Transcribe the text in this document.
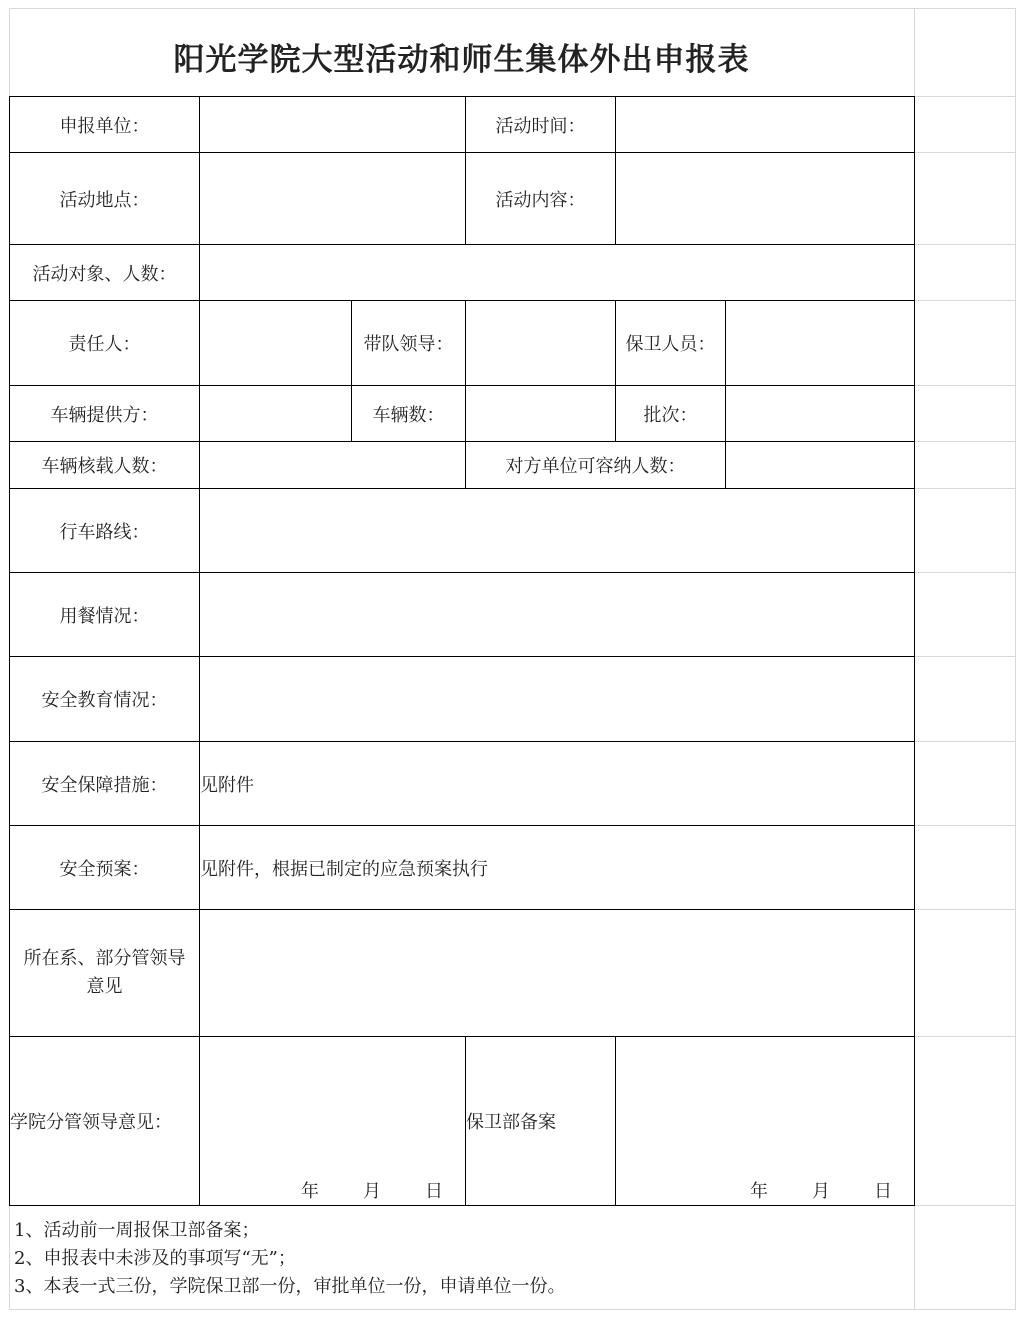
阳光学院大型活动和师生集体外出申报表
申报单位：			活动时间：		
活动地点：			活动内容：		
活动对象、人数：					
责任人：		带队领导：		保卫人员：	
车辆提供方：		车辆数：		批次：	
车辆核载人数：			对方单位可容纳人数：		
行车路线：					
用餐情况：					
安全教育情况：					
安全保障措施：	见附件				
安全预案：	见附件，根据已制定的应急预案执行				

所在系、部分管领导
意见					

学院分管领导意见：	年 月 日		保卫部备案	年 月 日	
1、活动前一周报保卫部备案；
2、申报表中未涉及的事项写“无”；
3、本表一式三份，学院保卫部一份，审批单位一份，申请单位一份。
